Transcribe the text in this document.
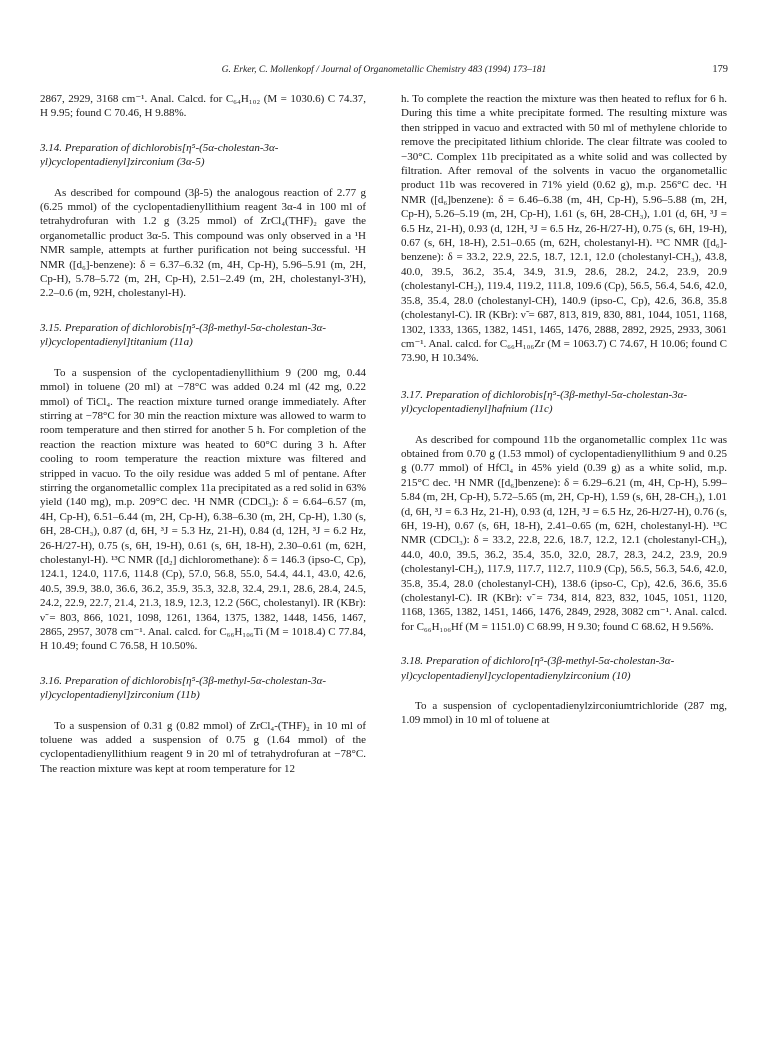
G. Erker, C. Mollenkopf / Journal of Organometallic Chemistry 483 (1994) 173–181	179

2867, 2929, 3168 cm⁻¹. Anal. Calcd. for C₆₄H₁₀₂ (M = 1030.6) C 74.37, H 9.95; found C 70.46, H 9.88%.

3.14. Preparation of dichlorobis[η⁵-(5α-cholestan-3α-yl)cyclopentadienyl]zirconium (3α-5)

As described for compound (3β-5) the analogous reaction of 2.77 g (6.25 mmol) of the cyclopentadienyllithium reagent 3α-4 in 100 ml of tetrahydrofuran with 1.2 g (3.25 mmol) of ZrCl₄(THF)₂ gave the organometallic product 3α-5. This compound was only observed in a ¹H NMR sample, attempts at further purification not being successful. ¹H NMR ([d₆]-benzene): δ = 6.37–6.32 (m, 4H, Cp-H), 5.96–5.91 (m, 2H, Cp-H), 5.78–5.72 (m, 2H, Cp-H), 2.51–2.49 (m, 2H, cholestanyl-3'H), 2.2–0.6 (m, 92H, cholestanyl-H).

3.15. Preparation of dichlorobis[η⁵-(3β-methyl-5α-cholestan-3α-yl)cyclopentadienyl]titanium (11a)

To a suspension of the cyclopentadienyllithium 9 (200 mg, 0.44 mmol) in toluene (20 ml) at −78°C was added 0.24 ml (42 mg, 0.22 mmol) of TiCl₄. The reaction mixture turned orange immediately. After stirring at −78°C for 30 min the reaction mixture was allowed to warm to room temperature and then stirred for another 5 h. For completion of the reaction the reaction mixture was heated to 60°C during 3 h. After cooling to room temperature the reaction mixture was filtered and stripped in vacuo. To the oily residue was added 5 ml of pentane. After stirring the organometallic complex 11a precipitated as a red solid in 63% yield (140 mg), m.p. 209°C dec. ¹H NMR (CDCl₃): δ = 6.64–6.57 (m, 4H, Cp-H), 6.51–6.44 (m, 2H, Cp-H), 6.38–6.30 (m, 2H, Cp-H), 1.30 (s, 6H, 28-CH₃), 0.87 (d, 6H, ³J = 5.3 Hz, 21-H), 0.84 (d, 12H, ³J = 6.2 Hz, 26-H/27-H), 0.75 (s, 6H, 19-H), 0.61 (s, 6H, 18-H), 2.30–0.61 (m, 62H, cholestanyl-H). ¹³C NMR ([d₂] dichloromethane): δ = 146.3 (ipso-C, Cp), 124.1, 124.0, 117.6, 114.8 (Cp), 57.0, 56.8, 55.0, 54.4, 44.1, 43.0, 42.6, 40.5, 39.9, 38.0, 36.6, 36.2, 35.9, 35.3, 32.8, 32.4, 29.1, 28.6, 28.4, 24.5, 24.2, 22.9, 22.7, 21.4, 21.3, 18.9, 12.3, 12.2 (56C, cholestanyl). IR (KBr): ν̃ = 803, 866, 1021, 1098, 1261, 1364, 1375, 1382, 1448, 1456, 1467, 2865, 2957, 3078 cm⁻¹. Anal. calcd. for C₆₆H₁₀₆Ti (M = 1018.4) C 77.84, H 10.49; found C 76.58, H 10.50%.

3.16. Preparation of dichlorobis[η⁵-(3β-methyl-5α-cholestan-3α-yl)cyclopentadienyl]zirconium (11b)

To a suspension of 0.31 g (0.82 mmol) of ZrCl₄-(THF)₂ in 10 ml of toluene was added a suspension of 0.75 g (1.64 mmol) of the cyclopentadienyllithium reagent 9 in 20 ml of tetrahydrofuran at −78°C. The reaction mixture was kept at room temperature for 12

h. To complete the reaction the mixture was then heated to reflux for 6 h. During this time a white precipitate formed. The resulting mixture was then stripped in vacuo and extracted with 50 ml of methylene chloride to remove the precipitated lithium chloride. The clear filtrate was cooled to −30°C. Complex 11b precipitated as a white solid and was collected by filtration. After removal of the solvents in vacuo the organometallic product 11b was recovered in 71% yield (0.62 g), m.p. 256°C dec. ¹H NMR ([d₆]benzene): δ = 6.46–6.38 (m, 4H, Cp-H), 5.96–5.88 (m, 2H, Cp-H), 5.26–5.19 (m, 2H, Cp-H), 1.61 (s, 6H, 28-CH₃), 1.01 (d, 6H, ³J = 6.5 Hz, 21-H), 0.93 (d, 12H, ³J = 6.5 Hz, 26-H/27-H), 0.75 (s, 6H, 19-H), 0.67 (s, 6H, 18-H), 2.51–0.65 (m, 62H, cholestanyl-H). ¹³C NMR ([d₆]-benzene): δ = 33.2, 22.9, 22.5, 18.7, 12.1, 12.0 (cholestanyl-CH₃), 43.8, 40.0, 39.5, 36.2, 35.4, 34.9, 31.9, 28.6, 28.2, 24.2, 23.9, 20.9 (cholestanyl-CH₂), 119.4, 119.2, 111.8, 109.6 (Cp), 56.5, 56.4, 54.6, 42.0, 35.8, 35.4, 28.0 (cholestanyl-CH), 140.9 (ipso-C, Cp), 42.6, 36.8, 35.8 (cholestanyl-C). IR (KBr): ν̃ = 687, 813, 819, 830, 881, 1044, 1051, 1168, 1302, 1333, 1365, 1382, 1451, 1465, 1476, 2888, 2892, 2925, 2933, 3061 cm⁻¹. Anal. calcd. for C₆₆H₁₀₆Zr (M = 1063.7) C 74.67, H 10.06; found C 73.90, H 10.34%.

3.17. Preparation of dichlorobis[η⁵-(3β-methyl-5α-cholestan-3α-yl)cyclopentadienyl]hafnium (11c)

As described for compound 11b the organometallic complex 11c was obtained from 0.70 g (1.53 mmol) of cyclopentadienyllithium 9 and 0.25 g (0.77 mmol) of HfCl₄ in 45% yield (0.39 g) as a white solid, m.p. 215°C dec. ¹H NMR ([d₆]benzene): δ = 6.29–6.21 (m, 4H, Cp-H), 5.99–5.84 (m, 2H, Cp-H), 5.72–5.65 (m, 2H, Cp-H), 1.59 (s, 6H, 28-CH₃), 1.01 (d, 6H, ³J = 6.3 Hz, 21-H), 0.93 (d, 12H, ³J = 6.5 Hz, 26-H/27-H), 0.76 (s, 6H, 19-H), 0.67 (s, 6H, 18-H), 2.41–0.65 (m, 62H, cholestanyl-H). ¹³C NMR (CDCl₃): δ = 33.2, 22.8, 22.6, 18.7, 12.2, 12.1 (cholestanyl-CH₃), 44.0, 40.0, 39.5, 36.2, 35.4, 35.0, 32.0, 28.7, 28.3, 24.2, 23.9, 20.9 (cholestanyl-CH₂), 117.9, 117.7, 112.7, 110.9 (Cp), 56.5, 56.3, 54.6, 42.0, 35.8, 35.4, 28.0 (cholestanyl-CH), 138.6 (ipso-C, Cp), 42.6, 36.6, 35.6 (cholestanyl-C). IR (KBr): ν̃ = 734, 814, 823, 832, 1045, 1051, 1120, 1168, 1365, 1382, 1451, 1466, 1476, 2849, 2928, 3082 cm⁻¹. Anal. calcd. for C₆₆H₁₀₆Hf (M = 1151.0) C 68.99, H 9.30; found C 68.62, H 9.56%.

3.18. Preparation of dichloro[η⁵-(3β-methyl-5α-cholestan-3α-yl)cyclopentadienyl]cyclopentadienylzirconium (10)

To a suspension of cyclopentadienylzirconiumtrichloride (287 mg, 1.09 mmol) in 10 ml of toluene at
